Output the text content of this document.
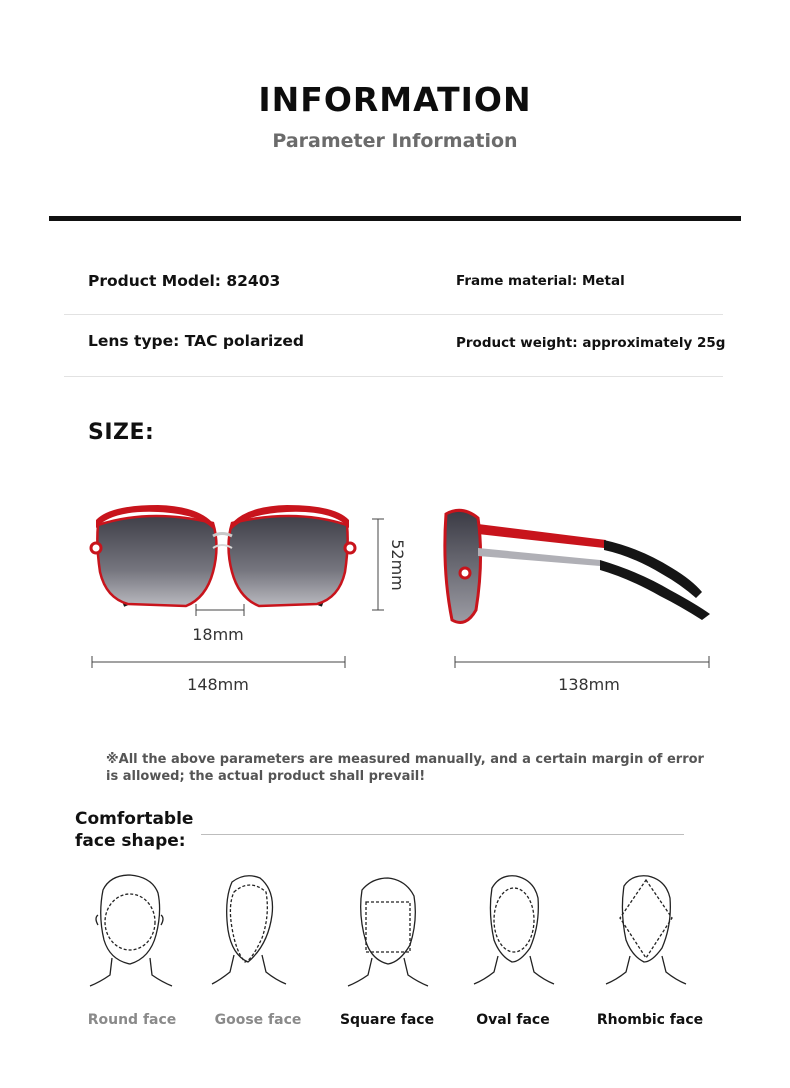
INFORMATION
Parameter Information
Product Model: 82403	Frame material: Metal
Lens type: TAC polarized	Product weight: approximately 25g
SIZE:
18mm
52mm
148mm	138mm
※All the above parameters are measured manually, and a certain margin of error is allowed; the actual product shall prevail!
Comfortable
face shape:
Round face	Goose face	Square face	Oval face	Rhombic face
